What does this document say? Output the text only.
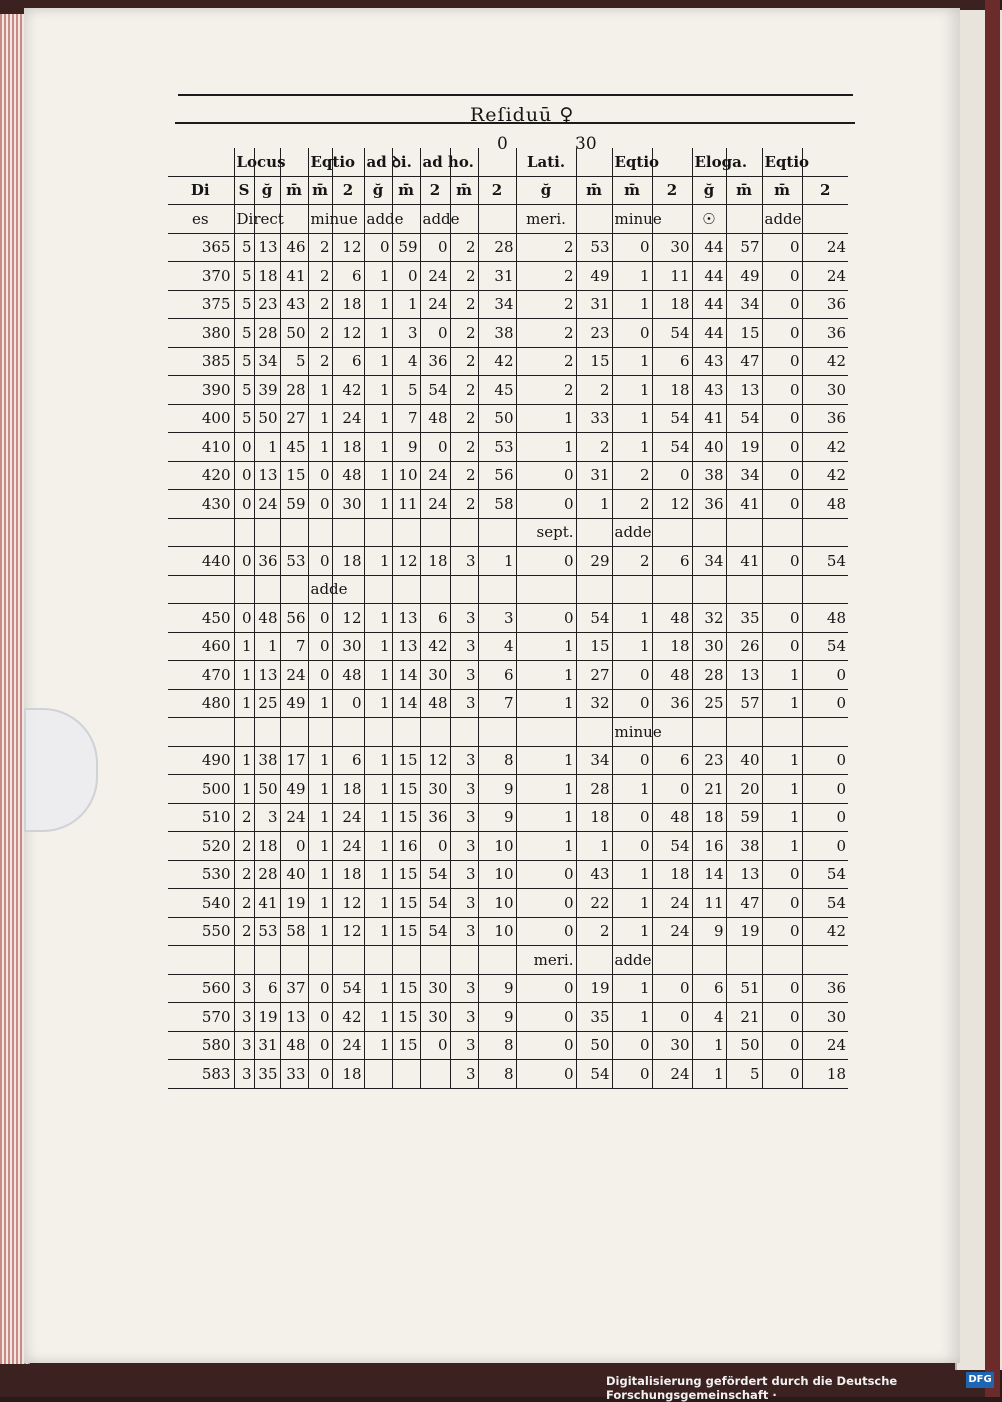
Reſiduū ♀
0	30
	Locus			Eqtio		ad ꝺi.		ad ho.			Lati.		Eqtio		Eloga.		Eqtio	
Di	S	ğ	m̄	m̄	2	ğ	m̄	2	m̄	2	ğ	m̄	m̄	2	ğ	m̄	m̄	2
es	Direct			minue		adde		adde			meri.		minue		☉		adde	
365	5	13	46	2	12	0	59	0	2	28	2	53	0	30	44	57	0	24
370	5	18	41	2	6	1	0	24	2	31	2	49	1	11	44	49	0	24
375	5	23	43	2	18	1	1	24	2	34	2	31	1	18	44	34	0	36
380	5	28	50	2	12	1	3	0	2	38	2	23	0	54	44	15	0	36
385	5	34	5	2	6	1	4	36	2	42	2	15	1	6	43	47	0	42
390	5	39	28	1	42	1	5	54	2	45	2	2	1	18	43	13	0	30
400	5	50	27	1	24	1	7	48	2	50	1	33	1	54	41	54	0	36
410	0	1	45	1	18	1	9	0	2	53	1	2	1	54	40	19	0	42
420	0	13	15	0	48	1	10	24	2	56	0	31	2	0	38	34	0	42
430	0	24	59	0	30	1	11	24	2	58	0	1	2	12	36	41	0	48
											sept.		adde					
440	0	36	53	0	18	1	12	18	3	1	0	29	2	6	34	41	0	54
				adde														
450	0	48	56	0	12	1	13	6	3	3	0	54	1	48	32	35	0	48
460	1	1	7	0	30	1	13	42	3	4	1	15	1	18	30	26	0	54
470	1	13	24	0	48	1	14	30	3	6	1	27	0	48	28	13	1	0
480	1	25	49	1	0	1	14	48	3	7	1	32	0	36	25	57	1	0
													minue					
490	1	38	17	1	6	1	15	12	3	8	1	34	0	6	23	40	1	0
500	1	50	49	1	18	1	15	30	3	9	1	28	1	0	21	20	1	0
510	2	3	24	1	24	1	15	36	3	9	1	18	0	48	18	59	1	0
520	2	18	0	1	24	1	16	0	3	10	1	1	0	54	16	38	1	0
530	2	28	40	1	18	1	15	54	3	10	0	43	1	18	14	13	0	54
540	2	41	19	1	12	1	15	54	3	10	0	22	1	24	11	47	0	54
550	2	53	58	1	12	1	15	54	3	10	0	2	1	24	9	19	0	42
											meri.		adde					
560	3	6	37	0	54	1	15	30	3	9	0	19	1	0	6	51	0	36
570	3	19	13	0	42	1	15	30	3	9	0	35	1	0	4	21	0	30
580	3	31	48	0	24	1	15	0	3	8	0	50	0	30	1	50	0	24
583	3	35	33	0	18				3	8	0	54	0	24	1	5	0	18
Digitalisierung gefördert durch die Deutsche Forschungsgemeinschaft ·
DFG
